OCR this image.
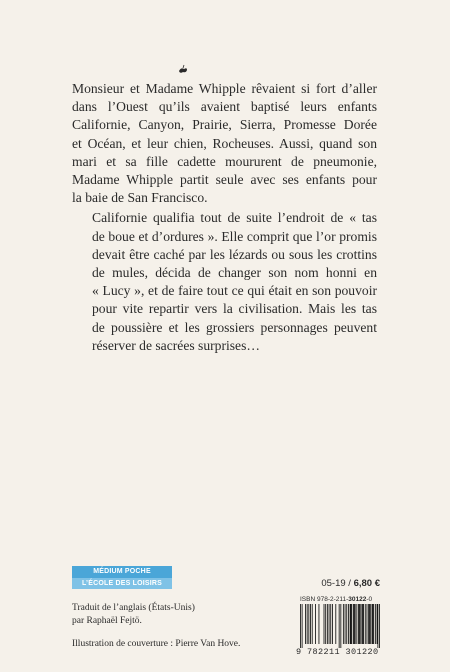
Monsieur et Madame Whipple rêvaient si fort d’aller
dans l’Ouest qu’ils avaient baptisé leurs enfants
Californie, Canyon, Prairie, Sierra, Promesse Dorée
et Océan, et leur chien, Rocheuses. Aussi, quand son
mari et sa fille cadette moururent de pneumonie,
Madame Whipple partit seule avec ses enfants pour
la baie de San Francisco.

Californie qualifia tout de suite l’endroit de « tas
de boue et d’ordures ». Elle comprit que l’or promis
devait être caché par les lézards ou sous les crottins
de mules, décida de changer son nom honni en
« Lucy », et de faire tout ce qui était en son pouvoir
pour vite repartir vers la civilisation. Mais les tas
de poussière et les grossiers personnages peuvent
réserver de sacrées surprises…

MÉDIUM POCHE
L’ÉCOLE DES LOISIRS
Traduit de l’anglais (États-Unis)
par Raphaël Fejtö.
Illustration de couverture : Pierre Van Hove.
05-19 / 6,80 €
ISBN 978-2-211-30122-0
9 782211 301220
